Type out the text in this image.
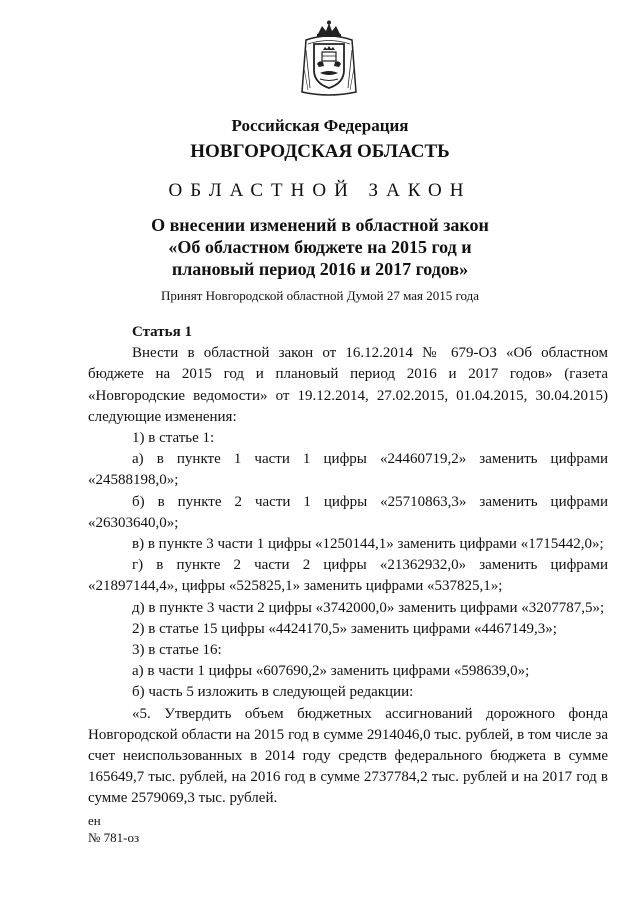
Российская Федерация
НОВГОРОДСКАЯ ОБЛАСТЬ
ОБЛАСТНОЙ ЗАКОН
О внесении изменений в областной закон
«Об областном бюджете на 2015 год и
плановый период 2016 и 2017 годов»
Принят Новгородской областной Думой 27 мая 2015 года

Статья 1

Внести в областной закон от 16.12.2014 № 679-ОЗ «Об областном бюджете на 2015 год и плановый период 2016 и 2017 годов» (газета «Новгородские ведомости» от 19.12.2014, 27.02.2015, 01.04.2015, 30.04.2015) следующие изменения:

1) в статье 1:

а) в пункте 1 части 1 цифры «24460719,2» заменить цифрами «24588198,0»;

б) в пункте 2 части 1 цифры «25710863,3» заменить цифрами «26303640,0»;

в) в пункте 3 части 1 цифры «1250144,1» заменить цифрами «1715442,0»;

г) в пункте 2 части 2 цифры «21362932,0» заменить цифрами «21897144,4», цифры «525825,1» заменить цифрами «537825,1»;

д) в пункте 3 части 2 цифры «3742000,0» заменить цифрами «3207787,5»;

2) в статье 15 цифры «4424170,5» заменить цифрами «4467149,3»;

3) в статье 16:

а) в части 1 цифры «607690,2» заменить цифрами «598639,0»;

б) часть 5 изложить в следующей редакции:

«5. Утвердить объем бюджетных ассигнований дорожного фонда Новгородской области на 2015 год в сумме 2914046,0 тыс. рублей, в том числе за счет неиспользованных в 2014 году средств федерального бюджета в сумме 165649,7 тыс. рублей, на 2016 год в сумме 2737784,2 тыс. рублей и на 2017 год в сумме 2579069,3 тыс. рублей.

ен
№ 781-оз
